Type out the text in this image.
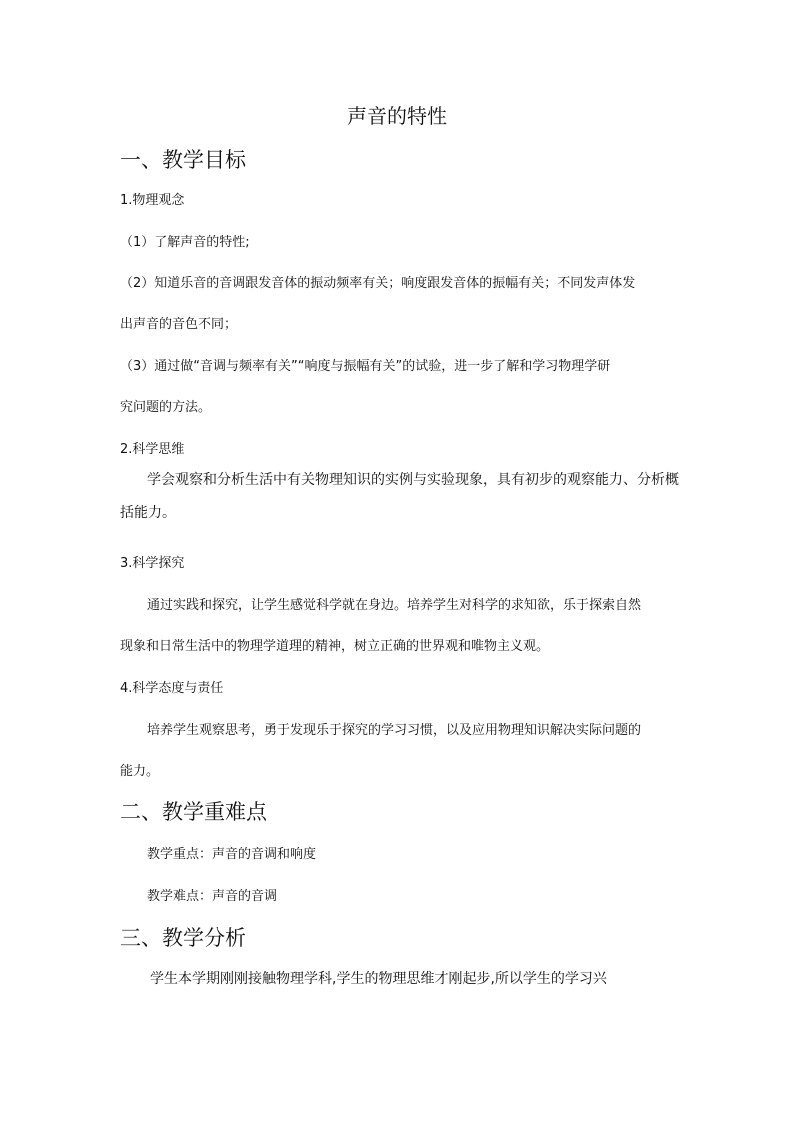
声音的特性
一、教学目标
1.物理观念
（1）了解声音的特性;
（2）知道乐音的音调跟发音体的振动频率有关；响度跟发音体的振幅有关；不同发声体发
出声音的音色不同；
（3）通过做“音调与频率有关”“响度与振幅有关”的试验，进一步了解和学习物理学研
究问题的方法。
2.科学思维
学会观察和分析生活中有关物理知识的实例与实验现象，具有初步的观察能力、分析概
括能力。
3.科学探究
通过实践和探究，让学生感觉科学就在身边。培养学生对科学的求知欲，乐于探索自然
现象和日常生活中的物理学道理的精神，树立正确的世界观和唯物主义观。
4.科学态度与责任
培养学生观察思考，勇于发现乐于探究的学习习惯，以及应用物理知识解决实际问题的
能力。
二、教学重难点
教学重点：声音的音调和响度
教学难点：声音的音调
三、教学分析
学生本学期刚刚接触物理学科,学生的物理思维才刚起步,所以学生的学习兴
